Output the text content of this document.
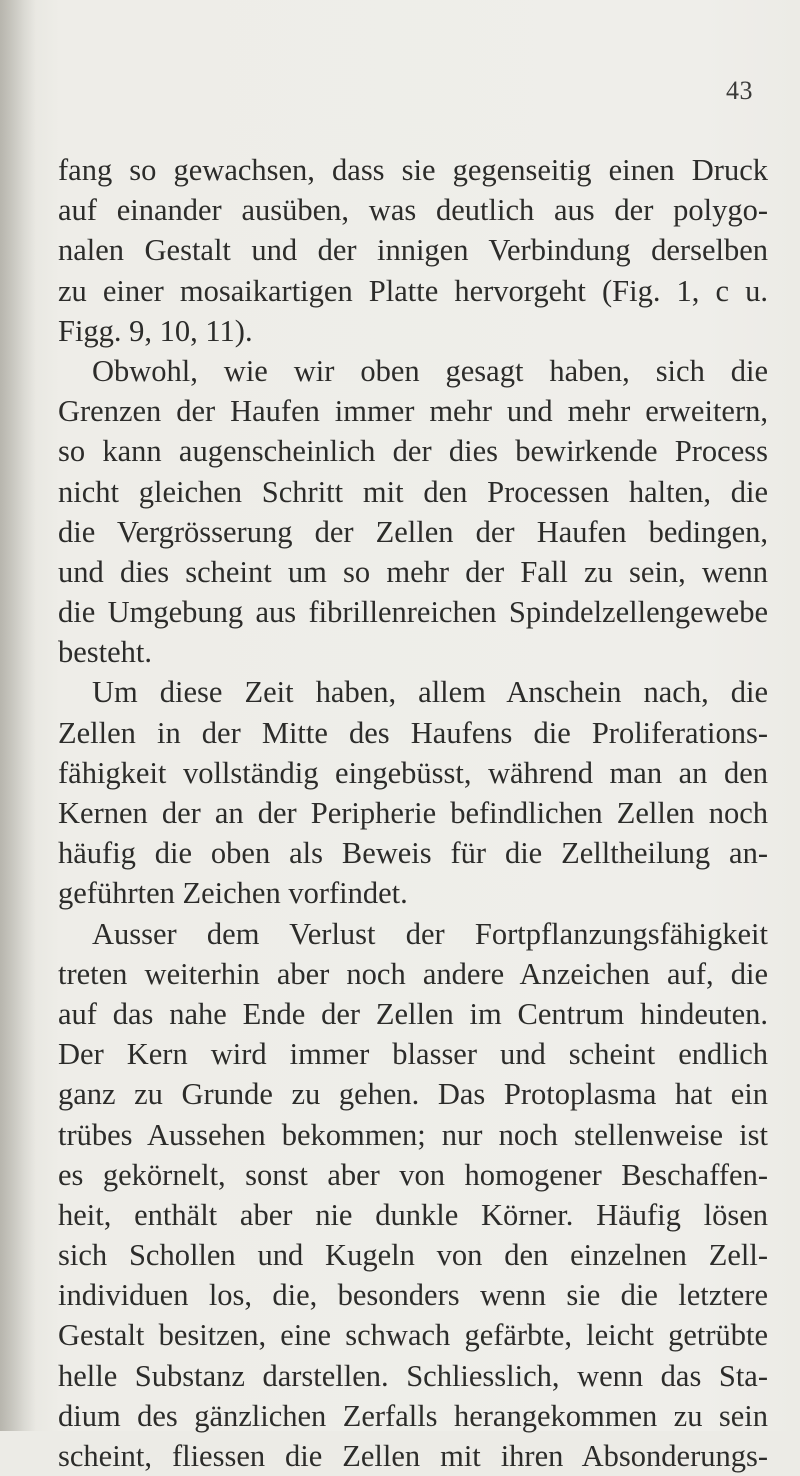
43
fang so gewachsen, dass sie gegenseitig einen Druck
auf einander ausüben, was deutlich aus der polygo-
nalen Gestalt und der innigen Verbindung derselben
zu einer mosaikartigen Platte hervorgeht (Fig. 1, c u.
Figg. 9, 10, 11).
Obwohl, wie wir oben gesagt haben, sich die
Grenzen der Haufen immer mehr und mehr erweitern,
so kann augenscheinlich der dies bewirkende Process
nicht gleichen Schritt mit den Processen halten, die
die Vergrösserung der Zellen der Haufen bedingen,
und dies scheint um so mehr der Fall zu sein, wenn
die Umgebung aus fibrillenreichen Spindelzellengewebe
besteht.
Um diese Zeit haben, allem Anschein nach, die
Zellen in der Mitte des Haufens die Proliferations-
fähigkeit vollständig eingebüsst, während man an den
Kernen der an der Peripherie befindlichen Zellen noch
häufig die oben als Beweis für die Zelltheilung an-
geführten Zeichen vorfindet.
Ausser dem Verlust der Fortpflanzungsfähigkeit
treten weiterhin aber noch andere Anzeichen auf, die
auf das nahe Ende der Zellen im Centrum hindeuten.
Der Kern wird immer blasser und scheint endlich
ganz zu Grunde zu gehen. Das Protoplasma hat ein
trübes Aussehen bekommen; nur noch stellenweise ist
es gekörnelt, sonst aber von homogener Beschaffen-
heit, enthält aber nie dunkle Körner. Häufig lösen
sich Schollen und Kugeln von den einzelnen Zell-
individuen los, die, besonders wenn sie die letztere
Gestalt besitzen, eine schwach gefärbte, leicht getrübte
helle Substanz darstellen. Schliesslich, wenn das Sta-
dium des gänzlichen Zerfalls herangekommen zu sein
scheint, fliessen die Zellen mit ihren Absonderungs-
